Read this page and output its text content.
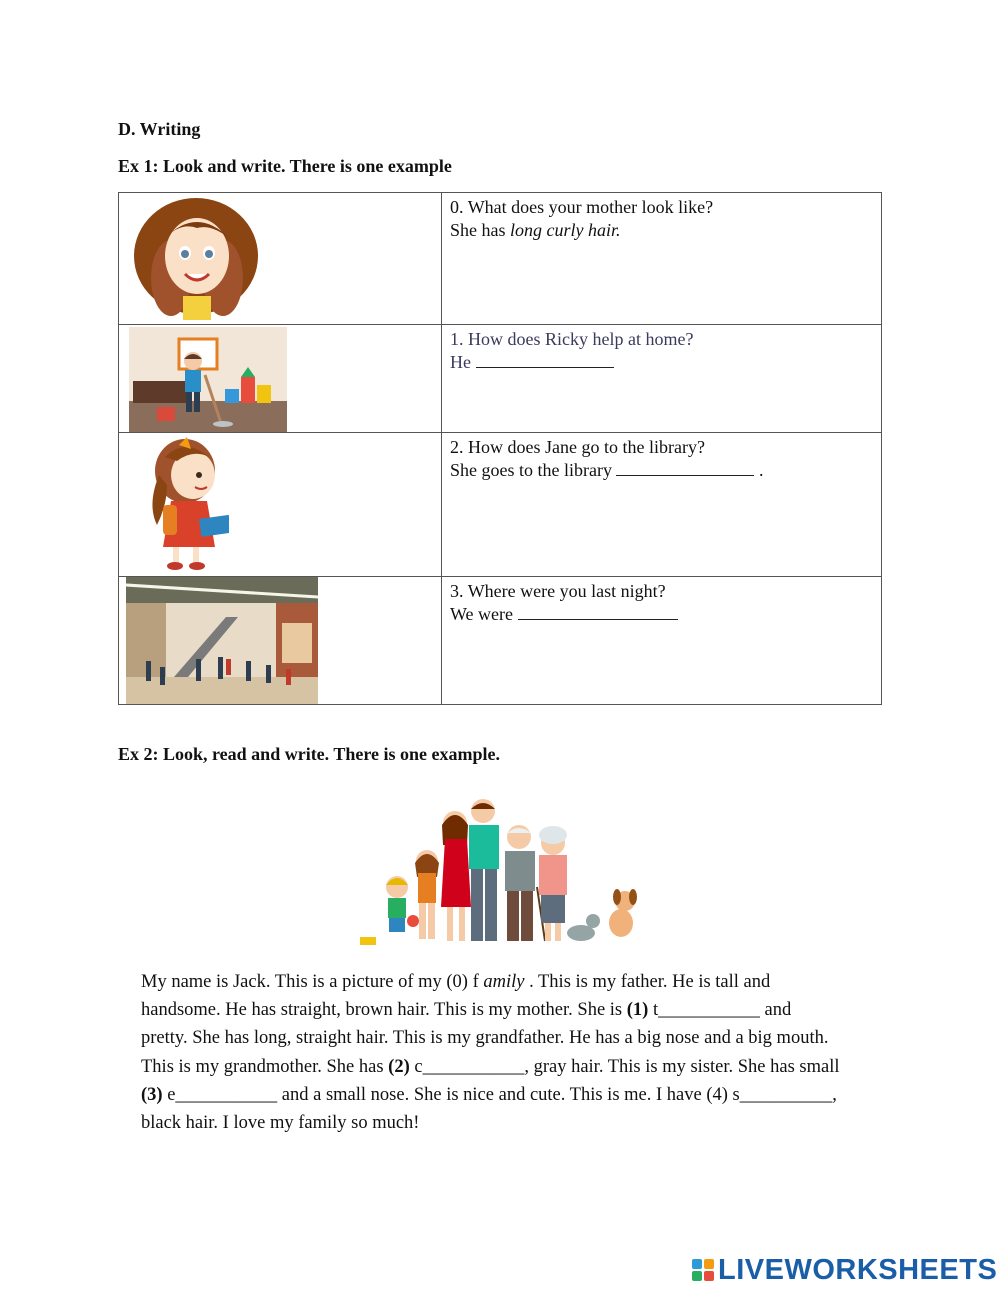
D. Writing
Ex 1: Look and write. There is one example

0. What does your mother look like?
She has long curly hair.

1. How does Ricky help at home?
He

2. How does Jane go to the library?
She goes to the library .

3. Where were you last night?
We were
Ex 2: Look, read and write. There is one example.
My name is Jack. This is a picture of my (0) f amily . This is my father. He is tall and
handsome. He has straight, brown hair. This is my mother. She is (1) t___________ and
pretty. She has long, straight hair. This is my grandfather. He has a big nose and a big mouth.
This is my grandmother. She has (2) c___________, gray hair. This is my sister. She has small
(3) e___________ and a small nose. She is nice and cute. This is me. I have (4) s__________,
black hair. I love my family so much!
LIVEWORKSHEETS
